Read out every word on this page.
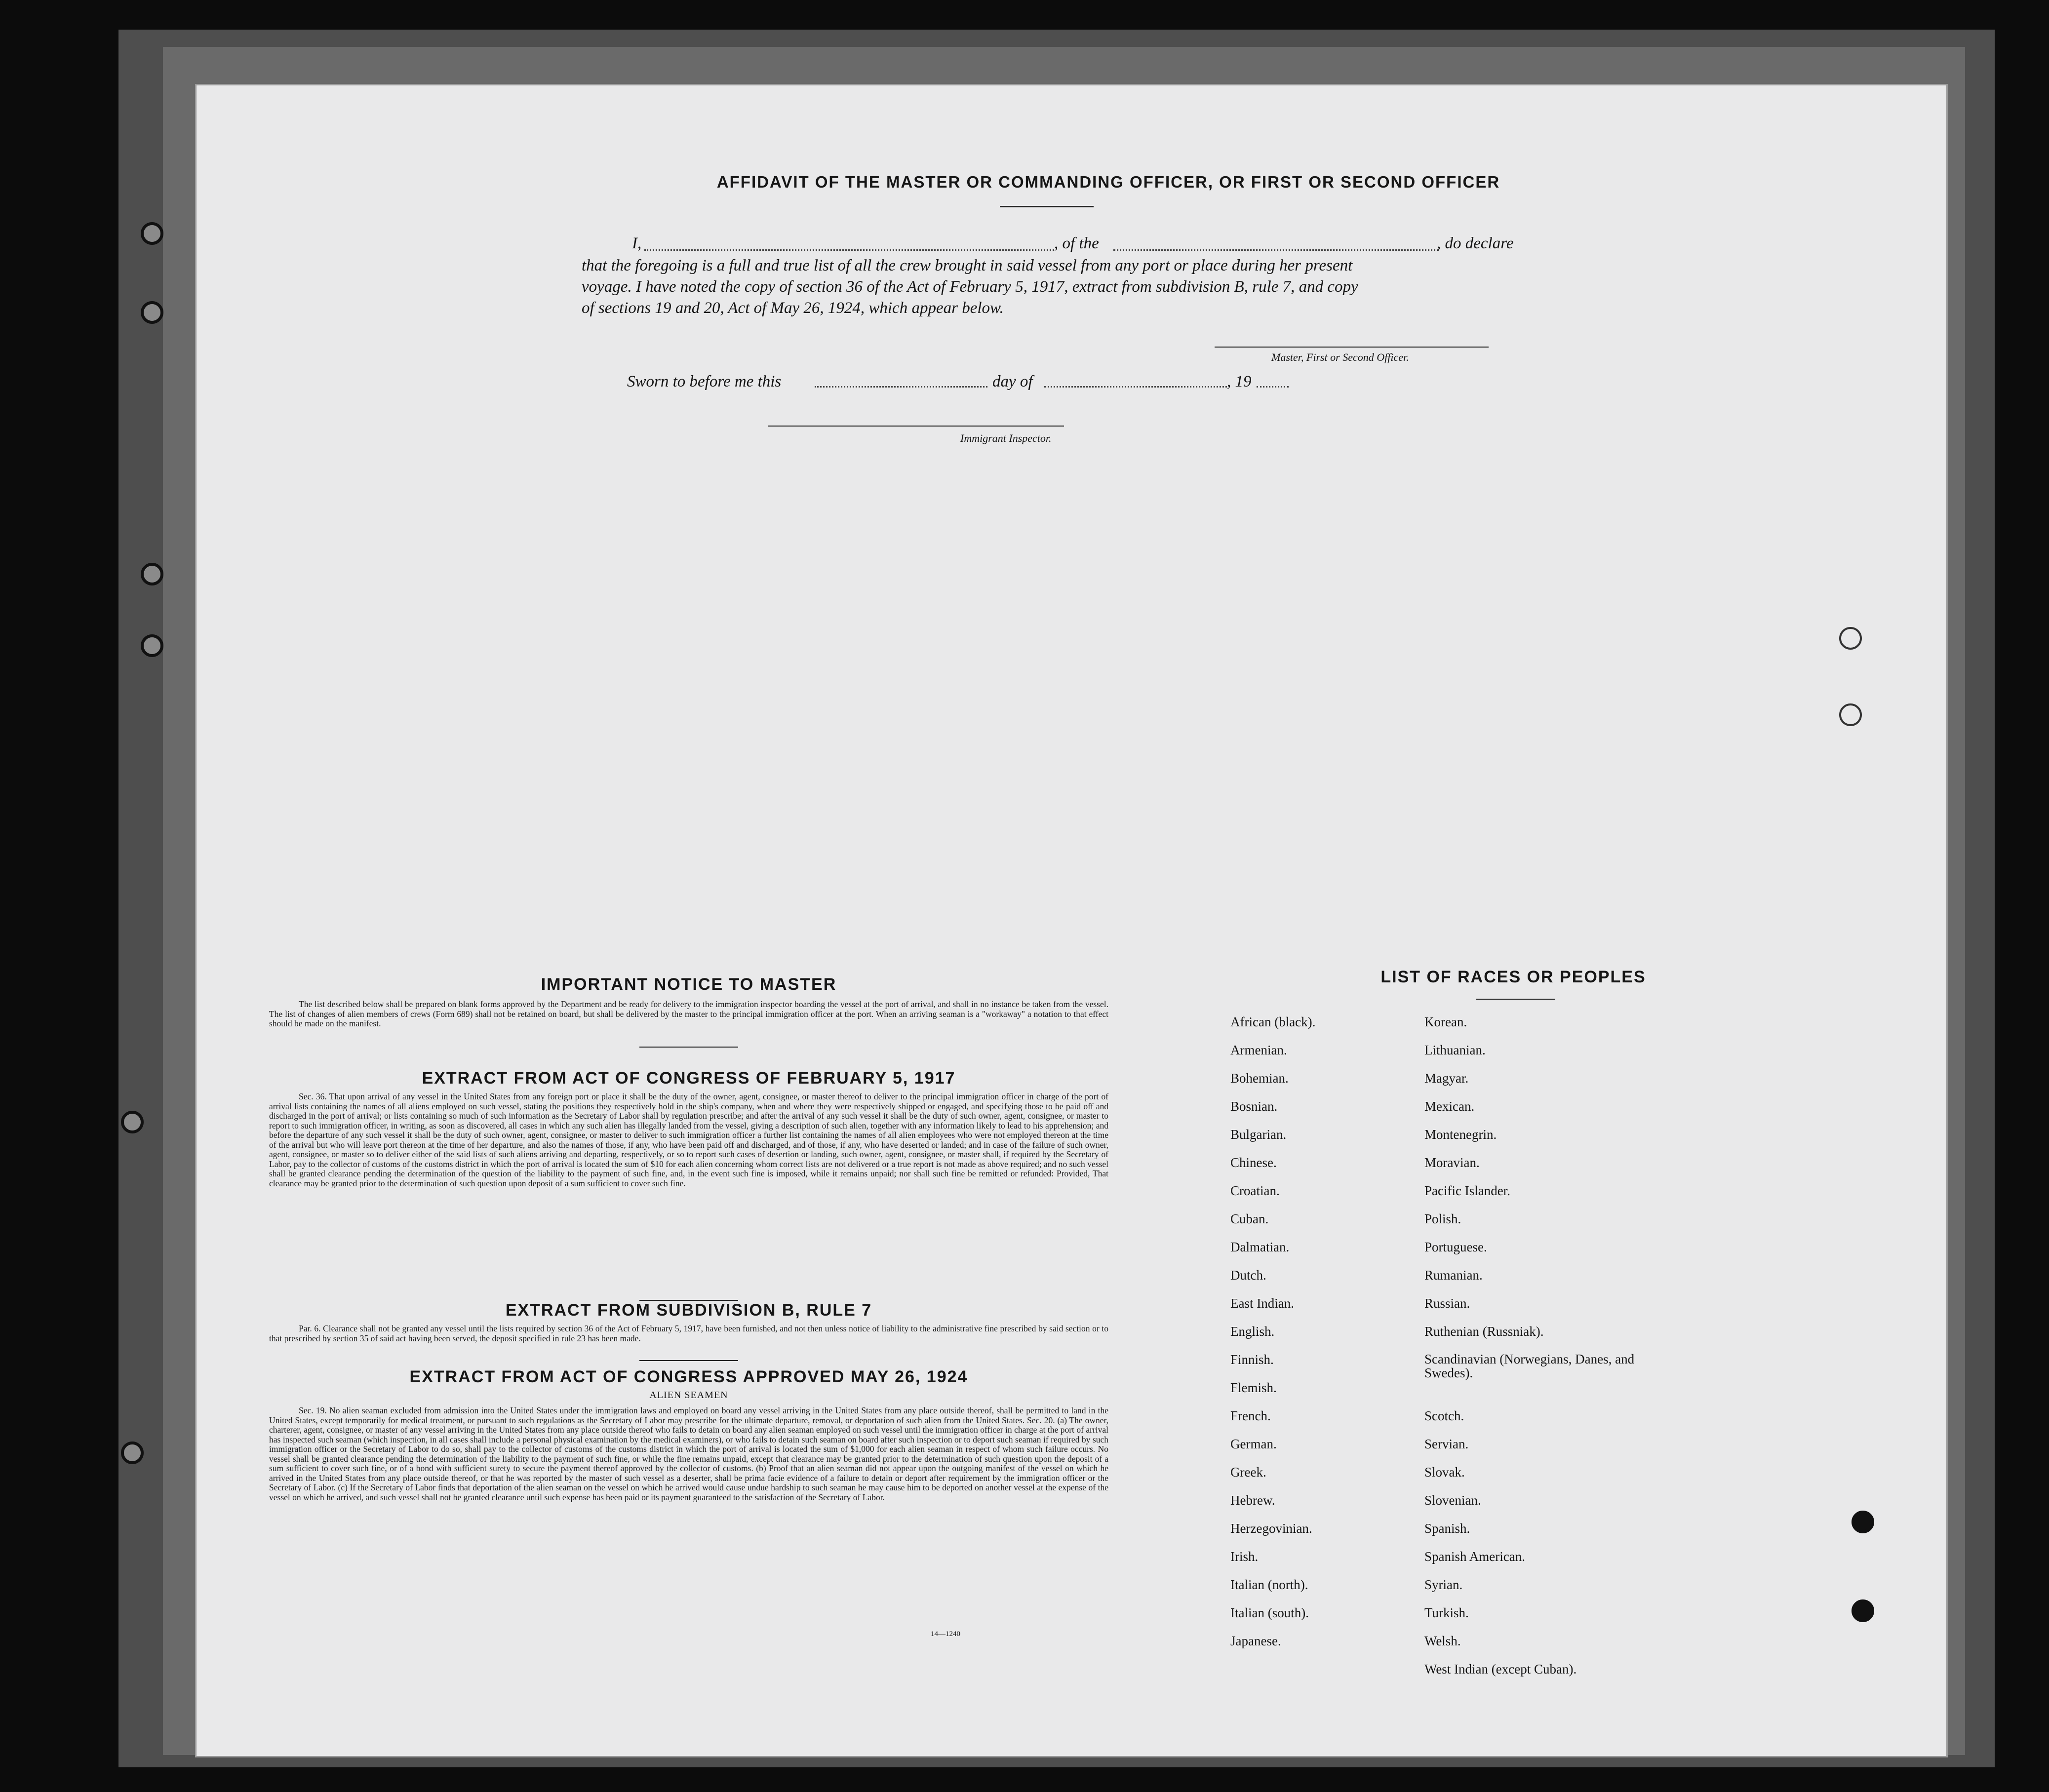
AFFIDAVIT OF THE MASTER OR COMMANDING OFFICER, OR FIRST OR SECOND OFFICER
I,	, of the	, do declare
that the foregoing is a full and true list of all the crew brought in said vessel from any port or place during her present
voyage. I have noted the copy of section 36 of the Act of February 5, 1917, extract from subdivision B, rule 7, and copy
of sections 19 and 20, Act of May 26, 1924, which appear below.
Master, First or Second Officer.
Sworn to before me this	day of	, 19
Immigrant Inspector.
IMPORTANT NOTICE TO MASTER
The list described below shall be prepared on blank forms approved by the Department and be ready for delivery to the immigration inspector boarding the vessel at the port of arrival, and shall in no instance be taken from the vessel. The list of changes of alien members of crews (Form 689) shall not be retained on board, but shall be delivered by the master to the principal immigration officer at the port. When an arriving seaman is a "workaway" a notation to that effect should be made on the manifest.
EXTRACT FROM ACT OF CONGRESS OF FEBRUARY 5, 1917
Sec. 36. That upon arrival of any vessel in the United States from any foreign port or place it shall be the duty of the owner, agent, consignee, or master thereof to deliver to the principal immigration officer in charge of the port of arrival lists containing the names of all aliens employed on such vessel, stating the positions they respectively hold in the ship's company, when and where they were respectively shipped or engaged, and specifying those to be paid off and discharged in the port of arrival; or lists containing so much of such information as the Secretary of Labor shall by regulation prescribe; and after the arrival of any such vessel it shall be the duty of such owner, agent, consignee, or master to report to such immigration officer, in writing, as soon as discovered, all cases in which any such alien has illegally landed from the vessel, giving a description of such alien, together with any information likely to lead to his apprehension; and before the departure of any such vessel it shall be the duty of such owner, agent, consignee, or master to deliver to such immigration officer a further list containing the names of all alien employees who were not employed thereon at the time of the arrival but who will leave port thereon at the time of her departure, and also the names of those, if any, who have been paid off and discharged, and of those, if any, who have deserted or landed; and in case of the failure of such owner, agent, consignee, or master so to deliver either of the said lists of such aliens arriving and departing, respectively, or so to report such cases of desertion or landing, such owner, agent, consignee, or master shall, if required by the Secretary of Labor, pay to the collector of customs of the customs district in which the port of arrival is located the sum of $10 for each alien concerning whom correct lists are not delivered or a true report is not made as above required; and no such vessel shall be granted clearance pending the determination of the question of the liability to the payment of such fine, and, in the event such fine is imposed, while it remains unpaid; nor shall such fine be remitted or refunded: Provided, That clearance may be granted prior to the determination of such question upon deposit of a sum sufficient to cover such fine.
EXTRACT FROM SUBDIVISION B, RULE 7
Par. 6. Clearance shall not be granted any vessel until the lists required by section 36 of the Act of February 5, 1917, have been furnished, and not then unless notice of liability to the administrative fine prescribed by said section or to that prescribed by section 35 of said act having been served, the deposit specified in rule 23 has been made.
EXTRACT FROM ACT OF CONGRESS APPROVED MAY 26, 1924
ALIEN SEAMEN
Sec. 19. No alien seaman excluded from admission into the United States under the immigration laws and employed on board any vessel arriving in the United States from any place outside thereof, shall be permitted to land in the United States, except temporarily for medical treatment, or pursuant to such regulations as the Secretary of Labor may prescribe for the ultimate departure, removal, or deportation of such alien from the United States. Sec. 20. (a) The owner, charterer, agent, consignee, or master of any vessel arriving in the United States from any place outside thereof who fails to detain on board any alien seaman employed on such vessel until the immigration officer in charge at the port of arrival has inspected such seaman (which inspection, in all cases shall include a personal physical examination by the medical examiners), or who fails to detain such seaman on board after such inspection or to deport such seaman if required by such immigration officer or the Secretary of Labor to do so, shall pay to the collector of customs of the customs district in which the port of arrival is located the sum of $1,000 for each alien seaman in respect of whom such failure occurs. No vessel shall be granted clearance pending the determination of the liability to the payment of such fine, or while the fine remains unpaid, except that clearance may be granted prior to the determination of such question upon the deposit of a sum sufficient to cover such fine, or of a bond with sufficient surety to secure the payment thereof approved by the collector of customs. (b) Proof that an alien seaman did not appear upon the outgoing manifest of the vessel on which he arrived in the United States from any place outside thereof, or that he was reported by the master of such vessel as a deserter, shall be prima facie evidence of a failure to detain or deport after requirement by the immigration officer or the Secretary of Labor. (c) If the Secretary of Labor finds that deportation of the alien seaman on the vessel on which he arrived would cause undue hardship to such seaman he may cause him to be deported on another vessel at the expense of the vessel on which he arrived, and such vessel shall not be granted clearance until such expense has been paid or its payment guaranteed to the satisfaction of the Secretary of Labor.
14—1240
LIST OF RACES OR PEOPLES
African (black).
Armenian.
Bohemian.
Bosnian.
Bulgarian.
Chinese.
Croatian.
Cuban.
Dalmatian.
Dutch.
East Indian.
English.
Finnish.
Flemish.
French.
German.
Greek.
Hebrew.
Herzegovinian.
Irish.
Italian (north).
Italian (south).
Japanese.
Korean.
Lithuanian.
Magyar.
Mexican.
Montenegrin.
Moravian.
Pacific Islander.
Polish.
Portuguese.
Rumanian.
Russian.
Ruthenian (Russniak).
Scandinavian (Norwegians, Danes, and Swedes).
Scotch.
Servian.
Slovak.
Slovenian.
Spanish.
Spanish American.
Syrian.
Turkish.
Welsh.
West Indian (except Cuban).
